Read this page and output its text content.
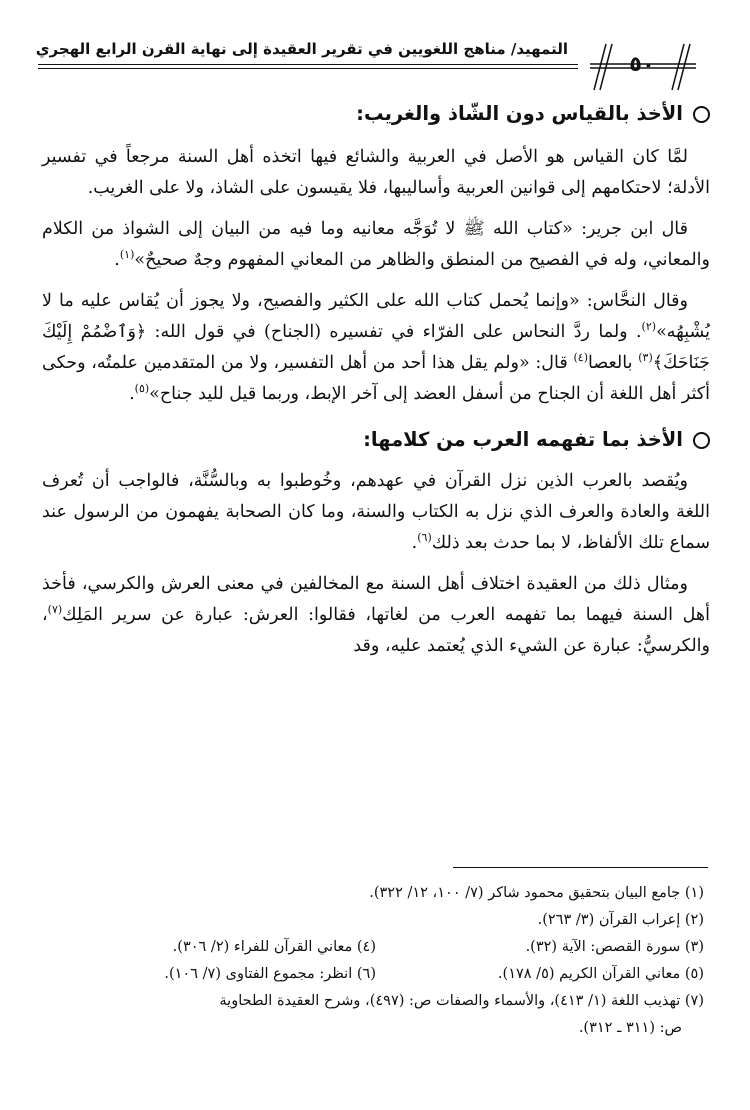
التمهيد/ مناهج اللغويين في تقرير العقيدة إلى نهاية القرن الرابع الهجري
٥٠
الأخذ بالقياس دون الشّاذ والغريب:

لمَّا كان القياس هو الأصل في العربية والشائع فيها اتخذه أهل السنة مرجعاً في تفسير الأدلة؛ لاحتكامهم إلى قوانين العربية وأساليبها، فلا يقيسون على الشاذ، ولا على الغريب.

قال ابن جرير: «كتاب الله ﷺ لا تُوَجَّه معانيه وما فيه من البيان إلى الشواذ من الكلام والمعاني، وله في الفصيح من المنطق والظاهر من المعاني المفهوم وجهٌ صحيحٌ»$^{(١)}$.

وقال النحَّاس: «وإنما يُحمل كتاب الله على الكثير والفصيح، ولا يجوز أن يُقاس عليه ما لا يُشْبِهُه»$^{(٢)}$. ولما ردَّ النحاس على الفرّاء في تفسيره (الجناح) في قول الله: ﴿وَٱضْمُمْ إِلَيْكَ جَنَاحَكَ﴾$^{(٣)}$ بالعصا$^{(٤)}$ قال: «ولم يقل هذا أحد من أهل التفسير، ولا من المتقدمين علمتُه، وحكى أكثر أهل اللغة أن الجناح من أسفل العضد إلى آخر الإبط، وربما قيل لليد جناح»$^{(٥)}$.

الأخذ بما تفهمه العرب من كلامها:

ويُقصد بالعرب الذين نزل القرآن في عهدهم، وخُوطبوا به وبالسُّنَّة، فالواجب أن تُعرف اللغة والعادة والعرف الذي نزل به الكتاب والسنة، وما كان الصحابة يفهمون من الرسول عند سماع تلك الألفاظ، لا بما حدث بعد ذلك$^{(٦)}$.

ومثال ذلك من العقيدة اختلاف أهل السنة مع المخالفين في معنى العرش والكرسي، فأخذ أهل السنة فيهما بما تفهمه العرب من لغاتها، فقالوا: العرش: عبارة عن سرير المَلِك$^{(٧)}$، والكرسيُّ: عبارة عن الشيء الذي يُعتمد عليه، وقد

(١) جامع البيان بتحقيق محمود شاكر (٧/ ١٠٠، ١٢/ ٣٢٢).
(٢) إعراب القرآن (٣/ ٢٦٣).
(٣) سورة القصص: الآية (٣٢).
(٤) معاني القرآن للفراء (٢/ ٣٠٦).
(٥) معاني القرآن الكريم (٥/ ١٧٨).
(٦) انظر: مجموع الفتاوى (٧/ ١٠٦).
(٧) تهذيب اللغة (١/ ٤١٣)، والأسماء والصفات ص: (٤٩٧)، وشرح العقيدة الطحاوية
ص: (٣١١ ـ ٣١٢).
